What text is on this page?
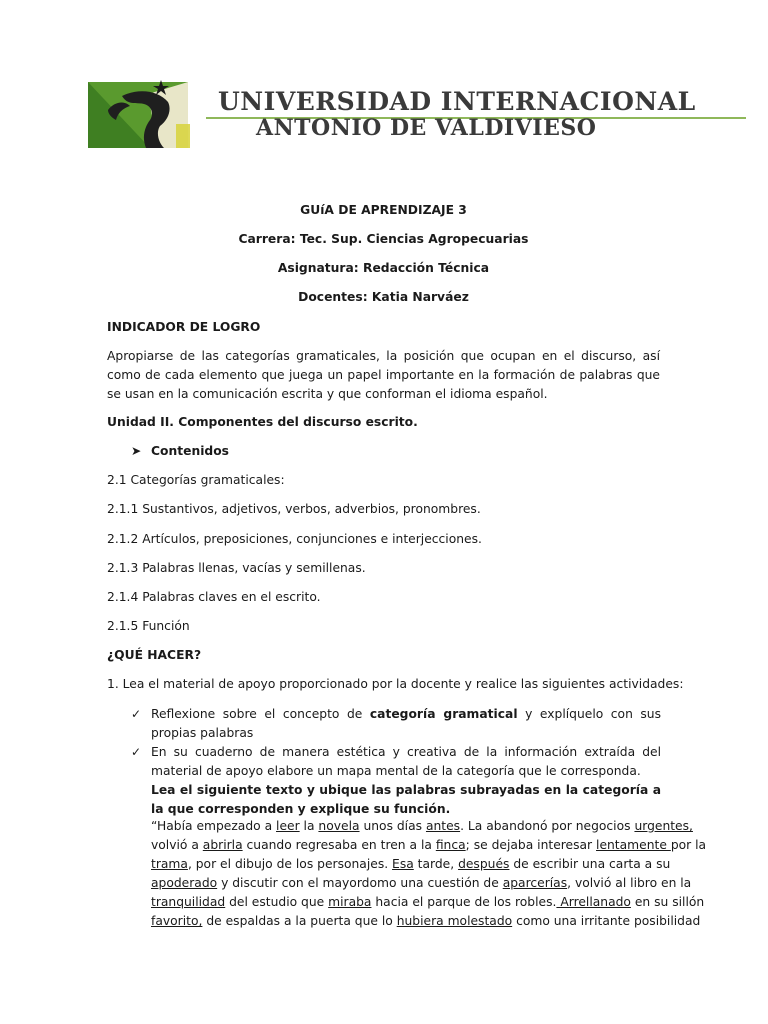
UNIVERSIDAD INTERNACIONAL
ANTONIO DE VALDIVIESO
GUíA DE APRENDIZAJE 3
Carrera: Tec. Sup. Ciencias Agropecuarias
Asignatura: Redacción Técnica
Docentes: Katia Narváez
INDICADOR DE LOGRO
Apropiarse de las categorías gramaticales, la posición que ocupan en el discurso, así como de cada elemento que juega un papel importante en la formación de palabras que se usan en la comunicación escrita y que conforman el idioma español.
Unidad II. Componentes del discurso escrito.
➤ Contenidos
2.1 Categorías gramaticales:
2.1.1 Sustantivos, adjetivos, verbos, adverbios, pronombres.
2.1.2 Artículos, preposiciones, conjunciones e interjecciones.
2.1.3 Palabras llenas, vacías y semillenas.
2.1.4 Palabras claves en el escrito.
2.1.5 Función
¿QUÉ HACER?
1. Lea el material de apoyo proporcionado por la docente y realice las siguientes actividades:
✓ Reflexione sobre el concepto de categoría gramatical y explíquelo con sus propias palabras
✓ En su cuaderno de manera estética y creativa de la información extraída del material de apoyo elabore un mapa mental de la categoría que le corresponda.
Lea el siguiente texto y ubique las palabras subrayadas en la categoría a la que corresponden y explique su función.
“Había empezado a leer la novela unos días antes. La abandonó por negocios urgentes,
volvió a abrirla cuando regresaba en tren a la finca; se dejaba interesar lentamente por la
trama, por el dibujo de los personajes. Esa tarde, después de escribir una carta a su
apoderado y discutir con el mayordomo una cuestión de aparcerías, volvió al libro en la
tranquilidad del estudio que miraba hacia el parque de los robles. Arrellanado en su sillón
favorito, de espaldas a la puerta que lo hubiera molestado como una irritante posibilidad
